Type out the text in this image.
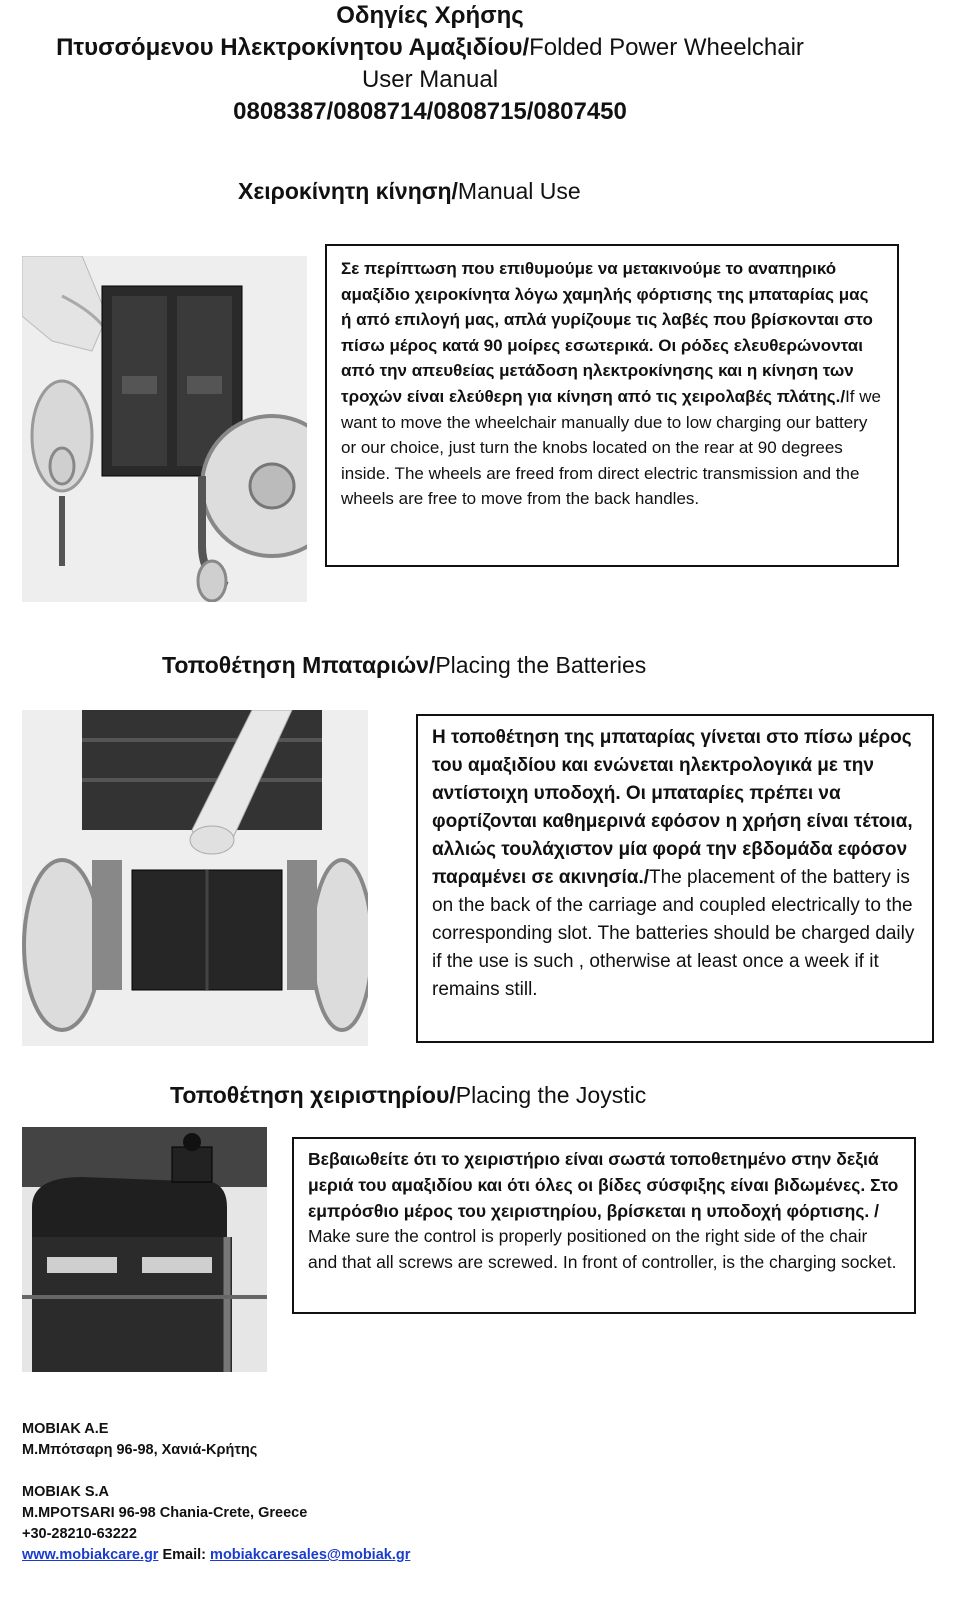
Οδηγίες Χρήσης
Πτυσσόμενου Ηλεκτροκίνητου Αμαξιδίου/Folded Power Wheelchair
User Manual
0808387/0808714/0808715/0807450
Χειροκίνητη κίνηση/Manual Use

Σε περίπτωση που επιθυμούμε να μετακινούμε το αναπηρικό αμαξίδιο χειροκίνητα λόγω χαμηλής φόρτισης της μπαταρίας μας ή από επιλογή μας, απλά γυρίζουμε τις λαβές που βρίσκονται στο πίσω μέρος κατά 90 μοίρες εσωτερικά. Οι ρόδες ελευθερώνονται από την απευθείας μετάδοση ηλεκτροκίνησης και η κίνηση των τροχών είναι ελεύθερη για κίνηση από τις χειρολαβές πλάτης./If we want to move the wheelchair manually due to low charging our battery or our choice, just turn the knobs located on the rear at 90 degrees inside. The wheels are freed from direct electric transmission and the wheels are free to move from the back handles.

Τοποθέτηση Μπαταριών/Placing the Batteries

Η τοποθέτηση της μπαταρίας γίνεται στο πίσω μέρος του αμαξιδίου και ενώνεται ηλεκτρολογικά με την αντίστοιχη υποδοχή. Οι μπαταρίες πρέπει να φορτίζονται καθημερινά εφόσον η χρήση είναι τέτοια, αλλιώς τουλάχιστον μία φορά την εβδομάδα εφόσον παραμένει σε ακινησία./The placement of the battery is on the back of the carriage and coupled electrically to the corresponding slot. The batteries should be charged daily if the use is such , otherwise at least once a week if it remains still.

Τοποθέτηση χειριστηρίου/Placing the Joystic

Βεβαιωθείτε ότι το χειριστήριο είναι σωστά τοποθετημένο στην δεξιά μεριά του αμαξιδίου και ότι όλες οι βίδες σύσφιξης είναι βιδωμένες. Στο εμπρόσθιο μέρος του χειριστηρίου, βρίσκεται η υποδοχή φόρτισης. / Make sure the control is properly positioned on the right side of the chair and that all screws are screwed. In front of controller, is the charging socket.

MOBIAK A.E
Μ.Μπότσαρη 96-98, Χανιά-Κρήτης
MOBIAK S.A
M.MPOTSARI 96-98 Chania-Crete, Greece
+30-28210-63222
www.mobiakcare.gr Email: mobiakcaresales@mobiak.gr
